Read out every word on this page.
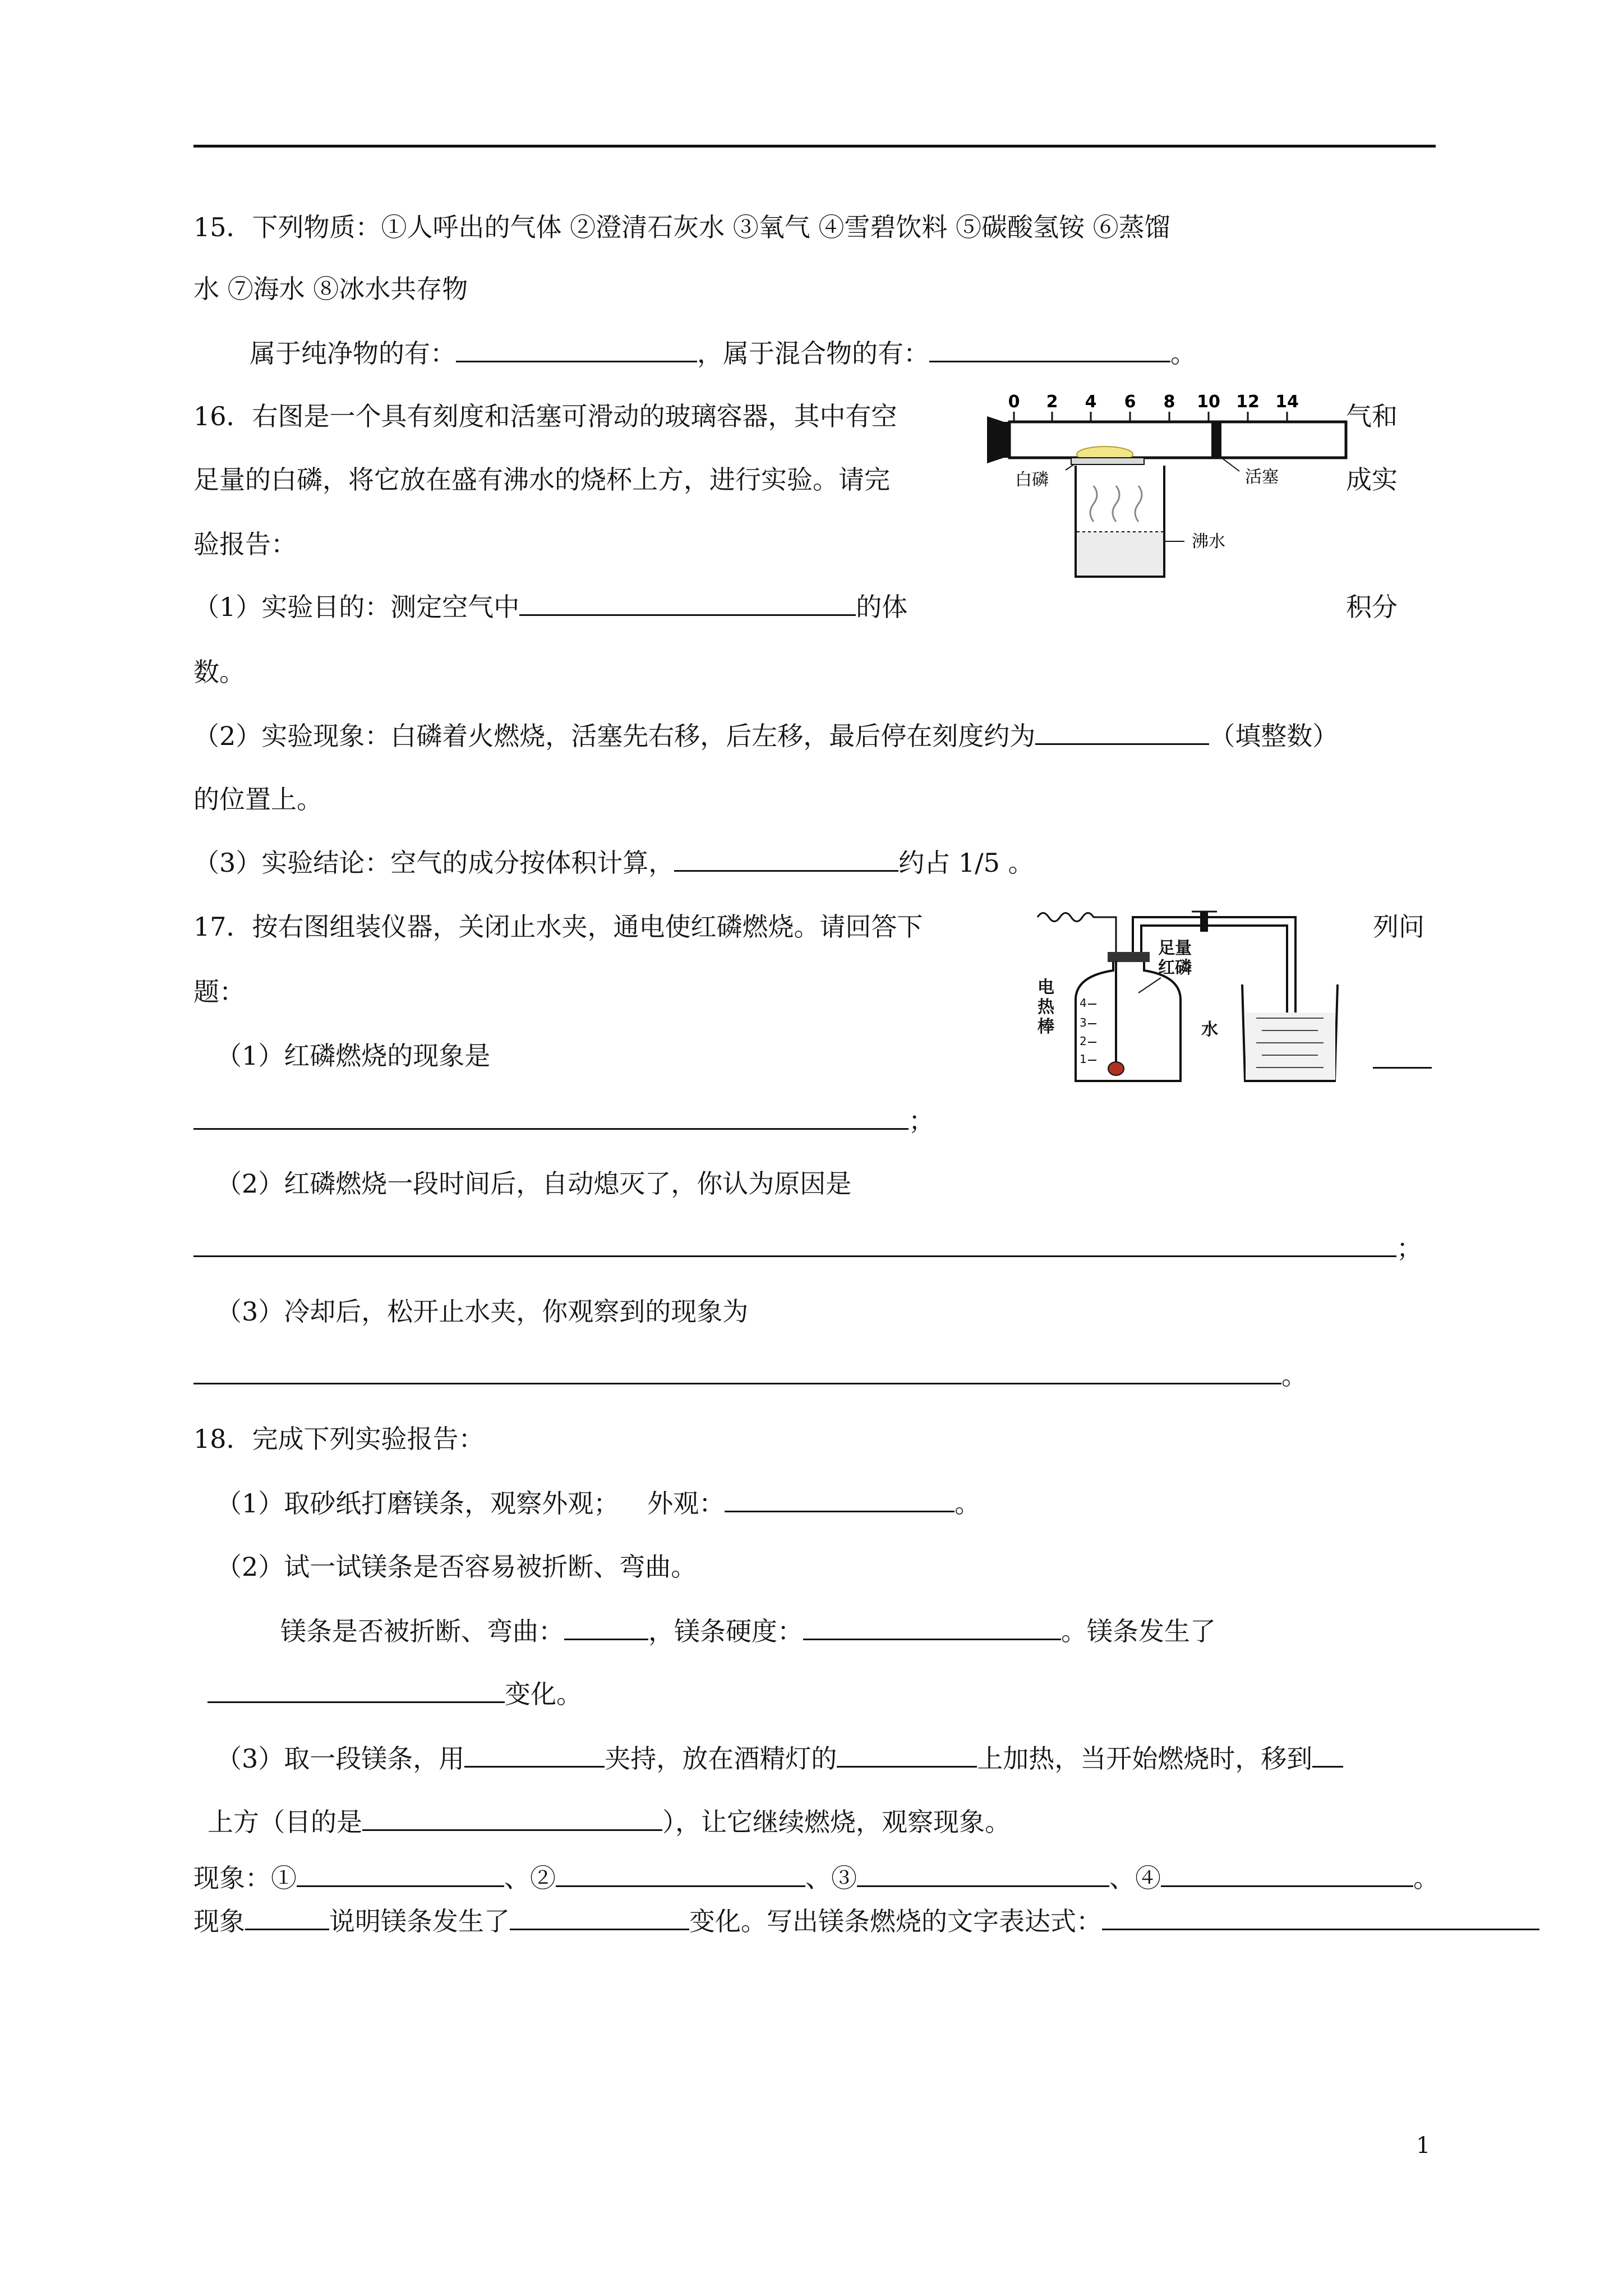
15．下列物质：①人呼出的气体 ②澄清石灰水 ③氧气 ④雪碧饮料 ⑤碳酸氢铵 ⑥蒸馏
水 ⑦海水 ⑧冰水共存物
属于纯净物的有：	，属于混合物的有：	。
16．右图是一个具有刻度和活塞可滑动的玻璃容器，其中有空	气和
足量的白磷，将它放在盛有沸水的烧杯上方，进行实验。请完	成实
验报告：
0 2 4 6 8 10 12 14
活塞
白磷
沸水
（1）实验目的：测定空气中	的体	积分
数。
（2）实验现象：白磷着火燃烧，活塞先右移，后左移，最后停在刻度约为	（填整数）
的位置上。
（3）实验结论：空气的成分按体积计算，	约占 1/5 。
17．按右图组装仪器，关闭止水夹，通电使红磷燃烧。请回答下	列问
题：	4
3
2
1
电
热
棒
足量
红磷
水
（1）红磷燃烧的现象是
；
（2）红磷燃烧一段时间后，自动熄灭了，你认为原因是
；
（3）冷却后，松开止水夹，你观察到的现象为
。
18．完成下列实验报告：
（1）取砂纸打磨镁条，观察外观； 外观：	。
（2）试一试镁条是否容易被折断、弯曲。
镁条是否被折断、弯曲：	，镁条硬度：	。镁条发生了
变化。
（3）取一段镁条，用	夹持，放在酒精灯的	上加热，当开始燃烧时，移到
上方（目的是	），让它继续燃烧，观察现象。
现象：①	、②	、③	、④	。
现象	说明镁条发生了	变化。写出镁条燃烧的文字表达式：
1
